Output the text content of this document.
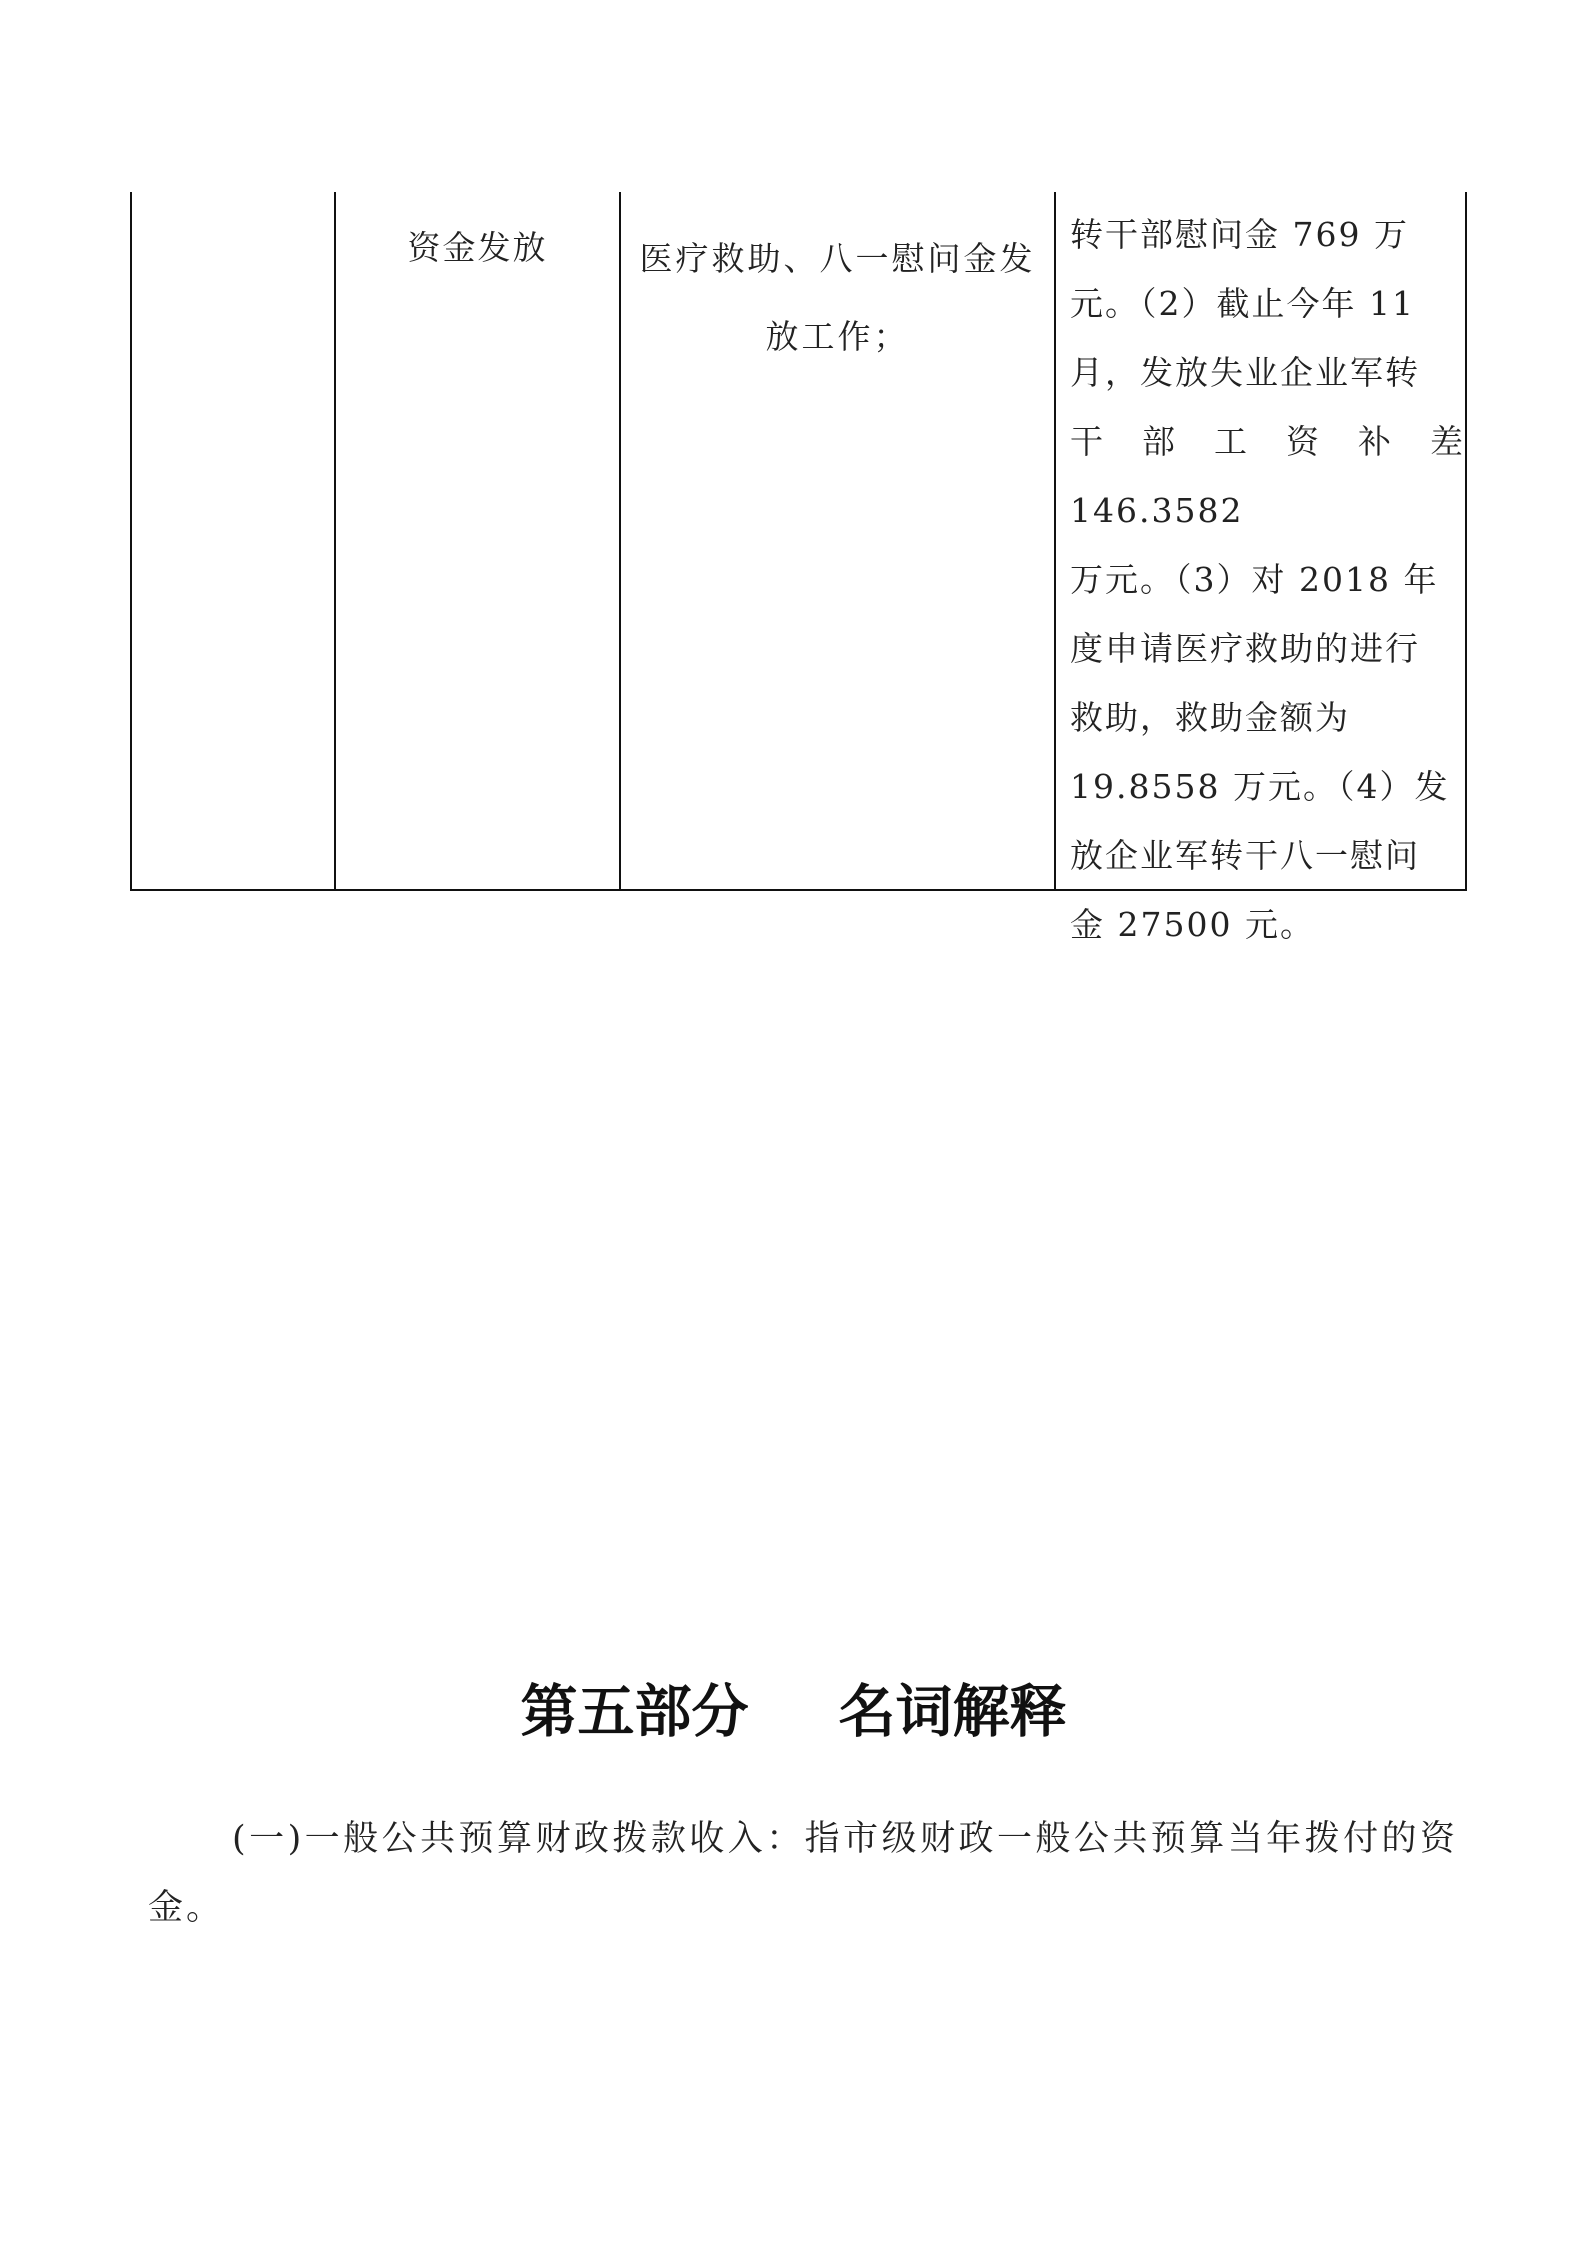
资金发放	医疗救助、八一慰问金发
放工作；
转干部慰问金 769 万
元。（2）截止今年 11
月，发放失业企业军转
干部工资补差 146.3582
万元。（3）对 2018 年
度申请医疗救助的进行
救助，救助金额为
19.8558 万元。（4）发
放企业军转干八一慰问
金 27500 元。
第五部分 名词解释
(一)一般公共预算财政拨款收入：指市级财政一般公共预算当年拨付的资金。
